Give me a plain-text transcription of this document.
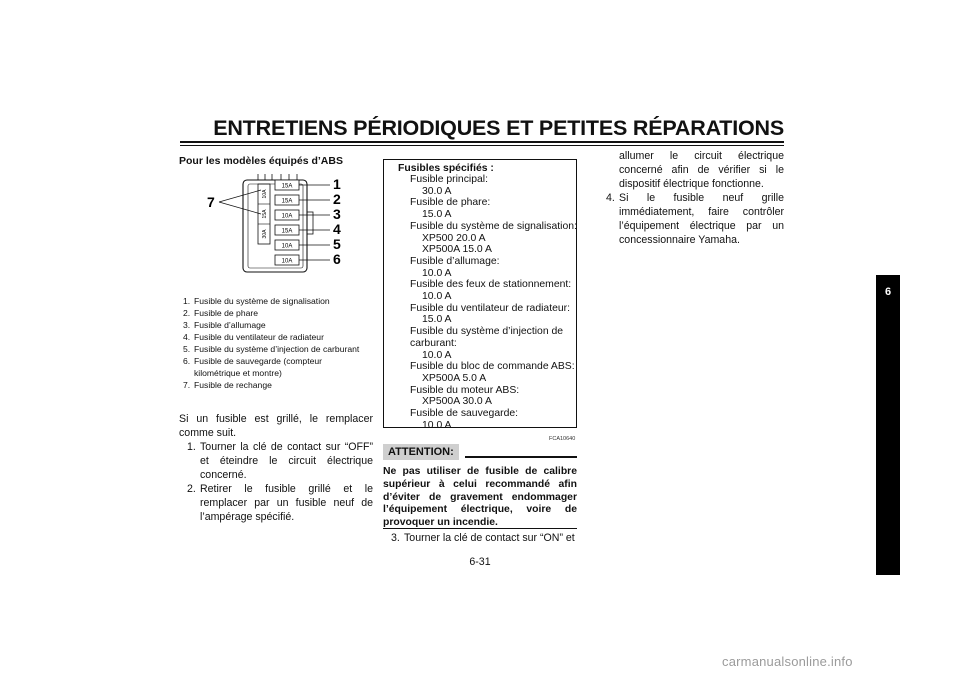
ENTRETIENS PÉRIODIQUES ET PETITES RÉPARATIONS
Pour les modèles équipés d’ABS
10A
15A
30A
15A
15A
10A
15A
10A
10A
1
2
3
4
5
6
7
1. Fusible du système de signalisation
2. Fusible de phare
3. Fusible d’allumage
4. Fusible du ventilateur de radiateur
5. Fusible du système d’injection de carburant
6. Fusible de sauvegarde (compteur kilométrique et montre)
7. Fusible de rechange
Si un fusible est grillé, le remplacer comme suit.
1. Tourner la clé de contact sur “OFF” et éteindre le circuit électrique concerné.
2. Retirer le fusible grillé et le remplacer par un fusible neuf de l’ampérage spécifié.
Fusibles spécifiés :
Fusible principal:
30.0 A
Fusible de phare:
15.0 A
Fusible du système de signalisation:
XP500 20.0 A
XP500A 15.0 A
Fusible d’allumage:
10.0 A
Fusible des feux de stationnement:
10.0 A
Fusible du ventilateur de radiateur:
15.0 A
Fusible du système d’injection de
carburant:
10.0 A
Fusible du bloc de commande ABS:
XP500A 5.0 A
Fusible du moteur ABS:
XP500A 30.0 A
Fusible de sauvegarde:
10.0 A
FCA10640
ATTENTION:
Ne pas utiliser de fusible de calibre supérieur à celui recommandé afin d’éviter de gravement endommager l’équipement électrique, voire de provoquer un incendie.
3. Tourner la clé de contact sur “ON” et
allumer le circuit électrique concerné afin de vérifier si le dispositif électrique fonctionne.
4. Si le fusible neuf grille immédiatement, faire contrôler l’équipement électrique par un concessionnaire Yamaha.
6
6-31
carmanualsonline.info
